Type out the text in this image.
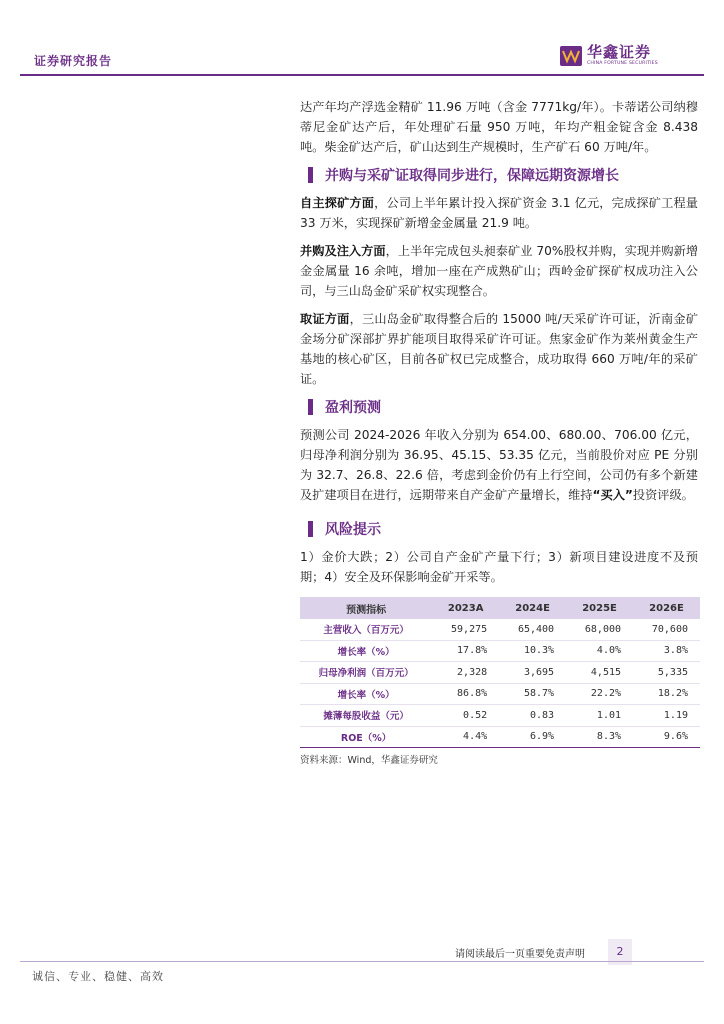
证券研究报告	华鑫证券
CHINA FORTUNE SECURITIES

达产年均产浮选金精矿 11.96 万吨（含金 7771kg/年）。卡蒂诺公司纳穆蒂尼金矿达产后，年处理矿石量 950 万吨，年均产粗金锭含金 8.438 吨。柴金矿达产后，矿山达到生产规模时，生产矿石 60 万吨/年。

并购与采矿证取得同步进行，保障远期资源增长

自主探矿方面，公司上半年累计投入探矿资金 3.1 亿元，完成探矿工程量 33 万米，实现探矿新增金金属量 21.9 吨。

并购及注入方面，上半年完成包头昶泰矿业 70%股权并购，实现并购新增金金属量 16 余吨，增加一座在产成熟矿山；西岭金矿探矿权成功注入公司，与三山岛金矿采矿权实现整合。

取证方面，三山岛金矿取得整合后的 15000 吨/天采矿许可证，沂南金矿金场分矿深部扩界扩能项目取得采矿许可证。焦家金矿作为莱州黄金生产基地的核心矿区，目前各矿权已完成整合，成功取得 660 万吨/年的采矿证。

盈利预测

预测公司 2024-2026 年收入分别为 654.00、680.00、706.00 亿元，归母净利润分别为 36.95、45.15、53.35 亿元，当前股价对应 PE 分别为 32.7、26.8、22.6 倍，考虑到金价仍有上行空间，公司仍有多个新建及扩建项目在进行，远期带来自产金矿产量增长，维持“买入”投资评级。

风险提示

1）金价大跌；2）公司自产金矿产量下行；3）新项目建设进度不及预期；4）安全及环保影响金矿开采等。

预测指标	2023A	2024E	2025E	2026E
主营收入（百万元）	59,275	65,400	68,000	70,600
增长率（%）	17.8%	10.3%	4.0%	3.8%
归母净利润（百万元）	2,328	3,695	4,515	5,335
增长率（%）	86.8%	58.7%	22.2%	18.2%
摊薄每股收益（元）	0.52	0.83	1.01	1.19
ROE（%）	4.4%	6.9%	8.3%	9.6%
资料来源：Wind，华鑫证券研究
请阅读最后一页重要免责声明	2
诚信、专业、稳健、高效
